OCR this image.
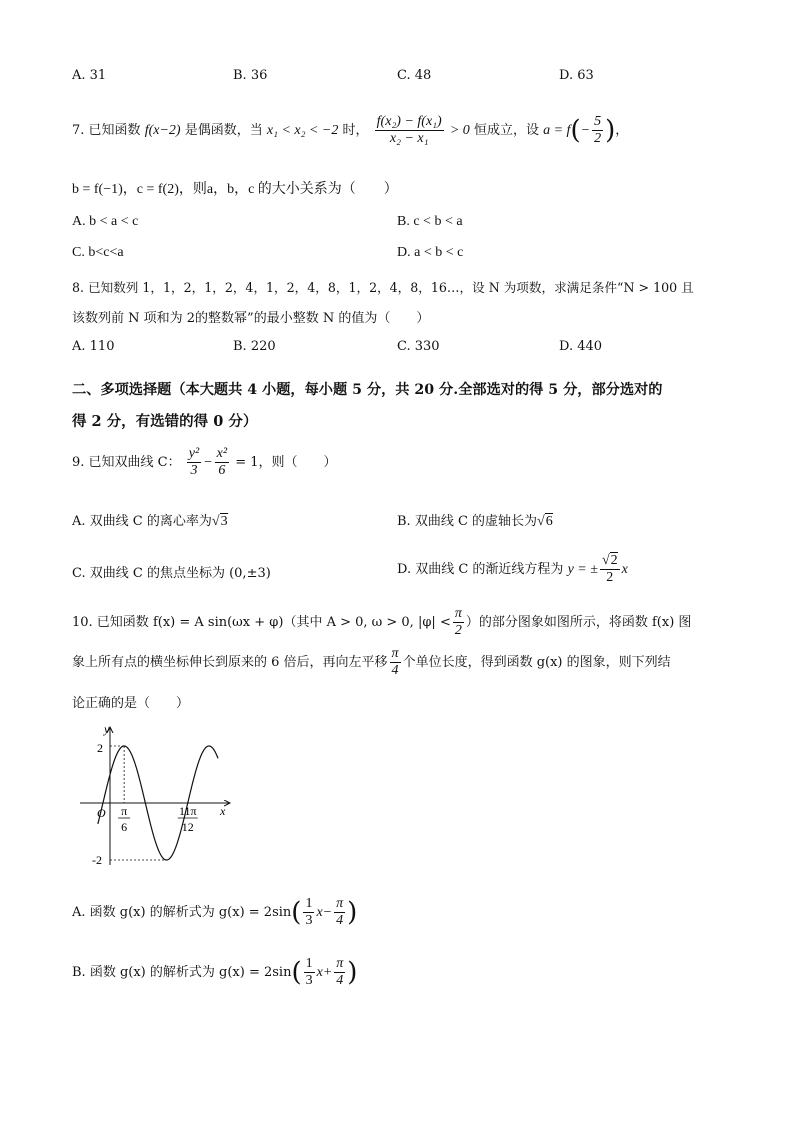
A. 31	B. 36	C. 48	D. 63
7. 已知函数 f(x−2) 是偶函数，当 x₁ < x₂ < −2 时， $\frac{\text{f(x₂) − f(x₁)}}{\text{x₂ − x₁}} > 0$ 恒成立，设 $a = f(- \frac{5}{2}$ )，
b = f(−1)，c = f(2)，则a，b，c 的大小关系为（　　）
A. b < a < c	B. c < b < a
C. b<c<a	D. a < b < c
8. 已知数列 1，1，2，1，2，4，1，2，4，8，1，2，4，8，16…，设 N 为项数，求满足条件“N > 100 且
该数列前 N 项和为 2的整数幂”的最小整数 N 的值为（　　）
A. 110	B. 220	C. 330	D. 440
二、多项选择题（本大题共 4 小题，每小题 5 分，共 20 分.全部选对的得 5 分，部分选对的
得 2 分，有选错的得 0 分）
9. 已知双曲线 C： $\frac{\text{y²}}{3} - \frac{\text{x²}}{6} = 1$，则（　　）
A. 双曲线 C 的离心率为√3	B. 双曲线 C 的虚轴长为√6
C. 双曲线 C 的焦点坐标为 (0,±3)	D. 双曲线 C 的渐近线方程为 y = ± $\frac{√2}{2}$ x
10. 已知函数 f(x) = A sin(ωx + φ)（其中 A > 0, ω > 0, $|\varphi| < \frac{\pi}{2}$ ）的部分图象如图所示，将函数 f(x) 图
象上所有点的横坐标伸长到原来的 6 倍后，再向左平移 $\frac{\pi}{4}$ 个单位长度，得到函数 g(x) 的图象，则下列结
论正确的是（　　）
y
x
O
2
-2
π
6
11π
12
A. 函数 g(x) 的解析式为 $g(x) = 2\sin( \frac{1}{3} x- \frac{\pi}{4}$ )
B. 函数 g(x) 的解析式为 $g(x) = 2\sin( \frac{1}{3} x+ \frac{\pi}{4}$ )
